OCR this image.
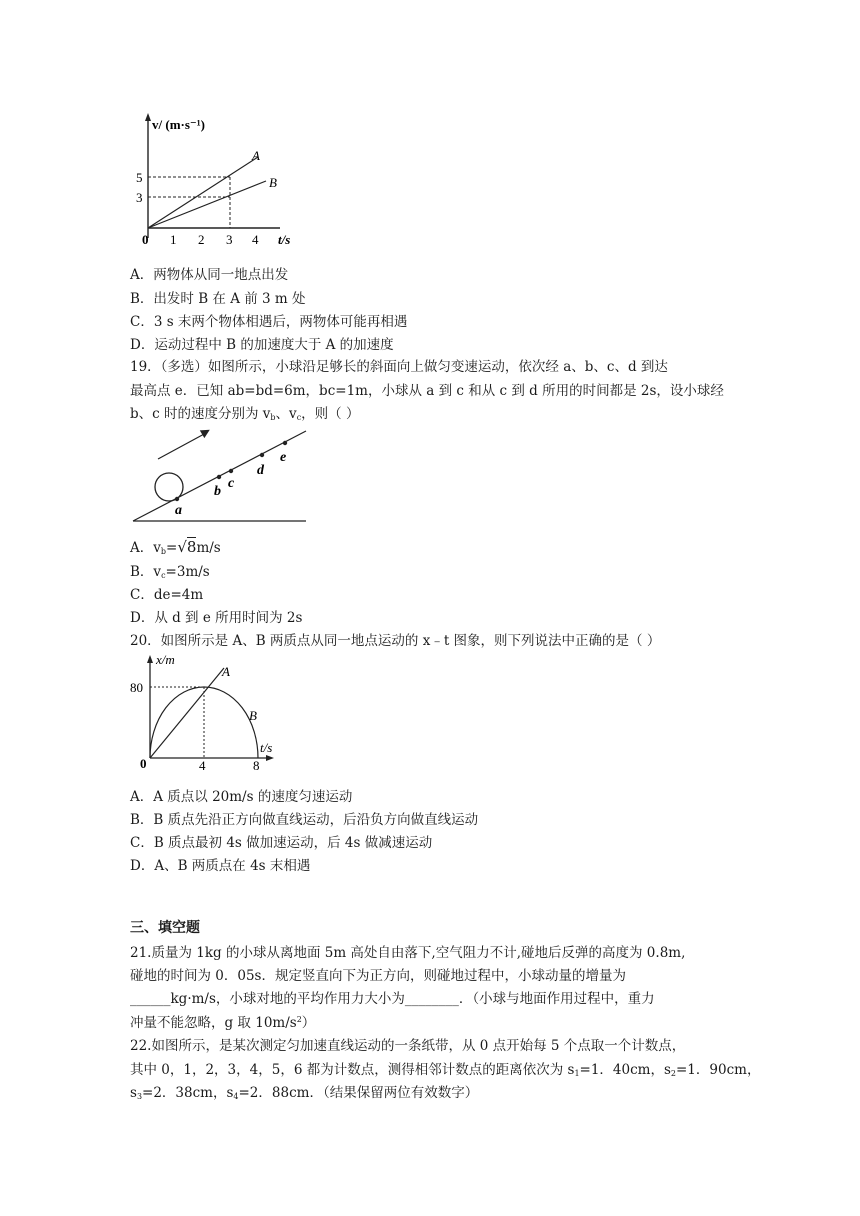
v/ (m·s⁻¹)
A
B
5
3
0 1 2 3 4 t/s
A．两物体从同一地点出发
B．出发时 B 在 A 前 3 m 处
C．3 s 末两个物体相遇后，两物体可能再相遇
D．运动过程中 B 的加速度大于 A 的加速度
19．（多选）如图所示，小球沿足够长的斜面向上做匀变速运动，依次经 a、b、c、d 到达
最高点 e．已知 ab=bd=6m，bc=1m，小球从 a 到 c 和从 c 到 d 所用的时间都是 2s，设小球经
b、c 时的速度分别为 $v_b$、$v_c$，则（ ）
a
b
c
d
e
A．$v_b=√8m/s$
B．$v_c=3m/s$
C．de=4m
D．从 d 到 e 所用时间为 2s
20．如图所示是 A、B 两质点从同一地点运动的 x﹣t 图象，则下列说法中正确的是（ ）
x/m
A
B
80
0	4	8
t/s
A．A 质点以 20m/s 的速度匀速运动
B．B 质点先沿正方向做直线运动，后沿负方向做直线运动
C．B 质点最初 4s 做加速运动，后 4s 做减速运动
D．A、B 两质点在 4s 末相遇
三、填空题
21.质量为 1kg 的小球从离地面 5m 高处自由落下,空气阻力不计,碰地后反弹的高度为 0.8m,
碰地的时间为 0．05s．规定竖直向下为正方向，则碰地过程中，小球动量的增量为
______kg·m/s，小球对地的平均作用力大小为________．（小球与地面作用过程中，重力
冲量不能忽略，g 取 $10m/s^2$）
22.如图所示，是某次测定匀加速直线运动的一条纸带，从 0 点开始每 5 个点取一个计数点，
其中 0，1，2，3，4，5，6 都为计数点，测得相邻计数点的距离依次为 $s_1=1$．40cm，$s_2=1$．90cm，
$s_3=2$．38cm，$s_4=2$．88cm．（结果保留两位有效数字）
